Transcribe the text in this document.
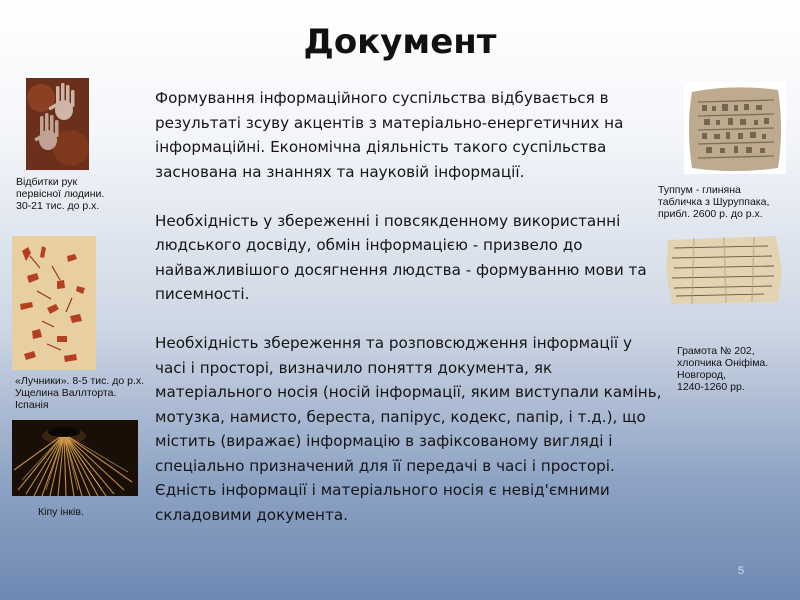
Документ

Формування інформаційного суспільства відбувається в результаті зсуву акцентів з матеріально-енергетичних на інформаційні. Економічна діяльність такого суспільства заснована на знаннях та науковій інформації.

Необхідність у збереженні і повсякденному використанні людського досвіду, обмін інформацією - призвело до найважливішого досягнення людства - формуванню мови та писемності.

Необхідність збереження та розповсюдження інформації у часі і просторі, визначило поняття документа, як матеріального носія (носій інформації, яким виступали камінь, мотузка, намисто, береста, папірус, кодекс, папір, і т.д.), що містить (виражає) інформацію в зафіксованому вигляді і спеціально призначений для її передачі в часі і просторі. Єдність інформації і матеріального носія є невід'ємними складовими документа.

Відбитки рук
первісної людини.
30-21 тис. до р.х.
«Лучники». 8-5 тис. до р.х.
Ущелина Валлторта.
Іспанія
Кіпу інків.
Туппум - глиняна
табличка з Шуруппака,
прибл. 2600 р. до р.х.
Грамота № 202,
хлопчика Оніфіма.
Новгород,
1240-1260 рр.
5
